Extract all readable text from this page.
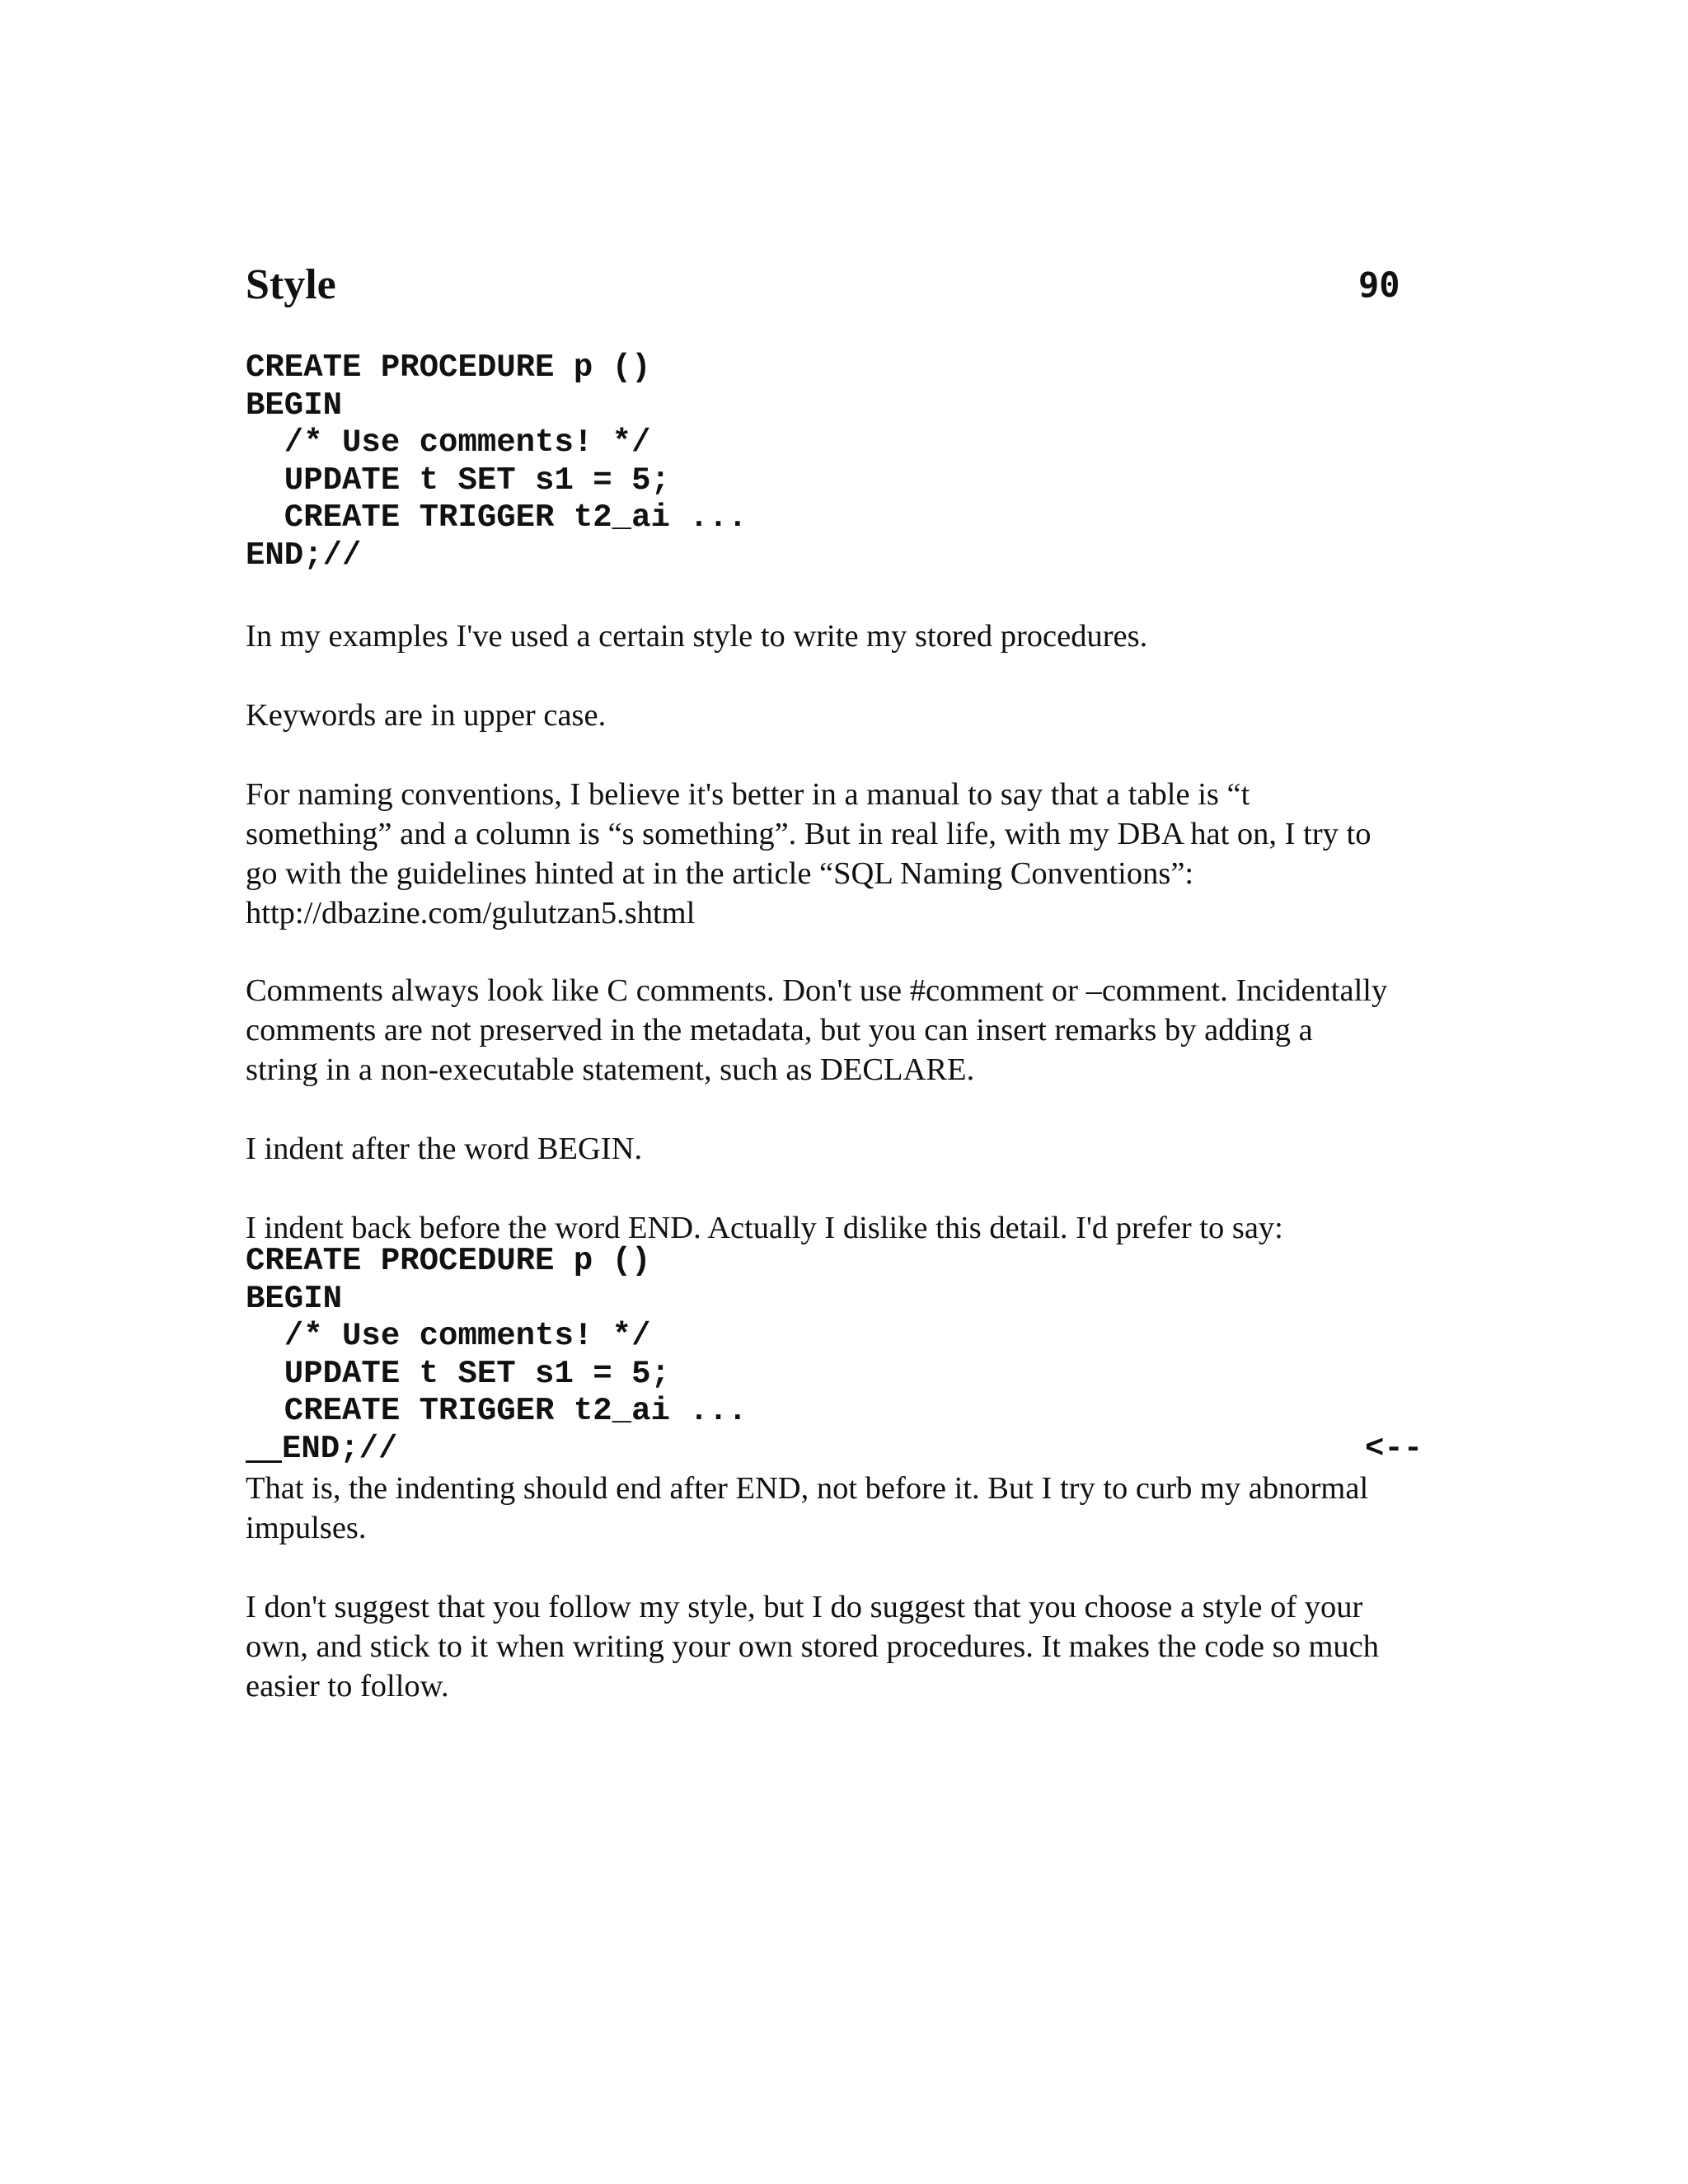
Style	90
CREATE PROCEDURE p ()
BEGIN
/* Use comments! */
UPDATE t SET s1 = 5;
CREATE TRIGGER t2_ai ...
END;//

In my examples I've used a certain style to write my stored procedures.

Keywords are in upper case.

For naming conventions, I believe it's better in a manual to say that a table is “t
something” and a column is “s something”. But in real life, with my DBA hat on, I try to
go with the guidelines hinted at in the article “SQL Naming Conventions”:
http://dbazine.com/gulutzan5.shtml

Comments always look like C comments. Don't use #comment or –comment. Incidentally
comments are not preserved in the metadata, but you can insert remarks by adding a
string in a non-executable statement, such as DECLARE.

I indent after the word BEGIN.

I indent back before the word END. Actually I dislike this detail. I'd prefer to say:

CREATE PROCEDURE p ()
BEGIN
/* Use comments! */
UPDATE t SET s1 = 5;
CREATE TRIGGER t2_ai ...
END;//	<--

That is, the indenting should end after END, not before it. But I try to curb my abnormal
impulses.

I don't suggest that you follow my style, but I do suggest that you choose a style of your
own, and stick to it when writing your own stored procedures. It makes the code so much
easier to follow.
